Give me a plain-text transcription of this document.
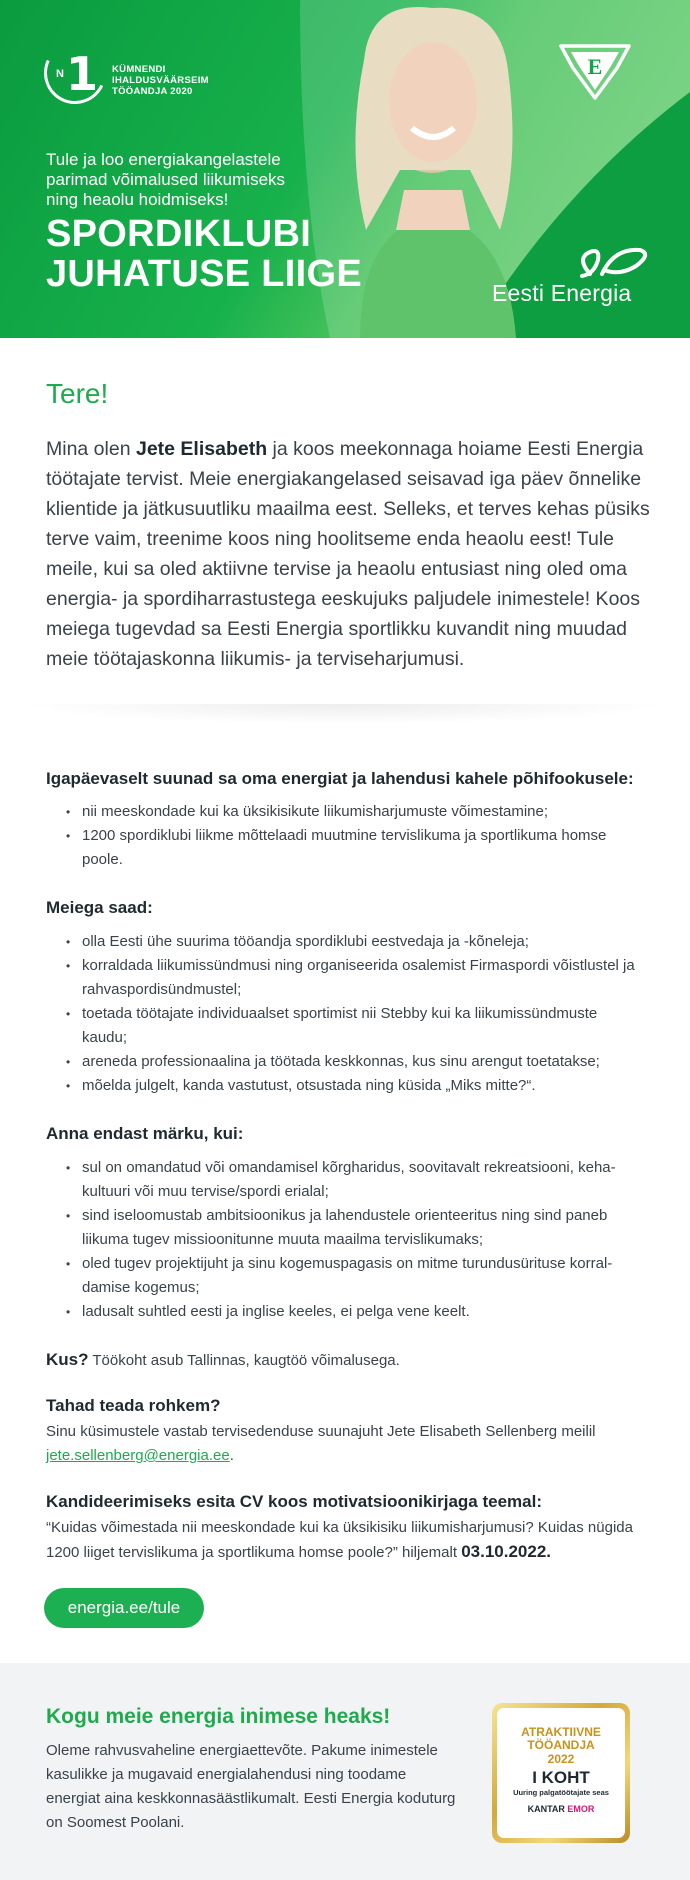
N 1 KÜMNENDI
IHALDUSVÄÄRSEIM
TÖÖANDJA 2020
E
Tule ja loo energiakangelastele
parimad võimalused liikumiseks
ning heaolu hoidmiseks!
SPORDIKLUBI
JUHATUSE LIIGE	Eesti Energia
Tere!

Mina olen Jete Elisabeth ja koos meekonnaga hoiame Eesti Energia töötajate tervist. Meie energiakangelased seisavad iga päev õnnelike klientide ja jätkusuutliku maailma eest. Selleks, et terves kehas püsiks terve vaim, treenime koos ning hoolitseme enda heaolu eest! Tule meile, kui sa oled aktiivne tervise ja heaolu entusiast ning oled oma energia- ja spordiharrastustega eeskujuks paljudele inimestele! Koos meiega tugevdad sa Eesti Energia sportlikku kuvandit ning muudad meie töötajaskonna liikumis- ja terviseharjumusi.

Igapäevaselt suunad sa oma energiat ja lahendusi kahele põhifookusele:
• nii meeskondade kui ka üksikisikute liikumisharjumuste võimestamine;
• 1200 spordiklubi liikme mõttelaadi muutmine tervislikuma ja sportlikuma homse poole.
Meiega saad:
• olla Eesti ühe suurima tööandja spordiklubi eestvedaja ja -kõneleja;
• korraldada liikumissündmusi ning organiseerida osalemist Firmaspordi võistlustel ja rahvaspordisündmustel;
• toetada töötajate individuaalset sportimist nii Stebby kui ka liikumissündmuste kaudu;
• areneda professionaalina ja töötada keskkonnas, kus sinu arengut toetatakse;
• mõelda julgelt, kanda vastutust, otsustada ning küsida „Miks mitte?“.
Anna endast märku, kui:
• sul on omandatud või omandamisel kõrgharidus, soovitavalt rekreatsiooni, keha-kultuuri või muu tervise/spordi erialal;
• sind iseloomustab ambitsioonikus ja lahendustele orienteeritus ning sind paneb liikuma tugev missioonitunne muuta maailma tervislikumaks;
• oled tugev projektijuht ja sinu kogemuspagasis on mitme turundusürituse korral-damise kogemus;
• ladusalt suhtled eesti ja inglise keeles, ei pelga vene keelt.

Kus? Töökoht asub Tallinnas, kaugtöö võimalusega.

Tahad teada rohkem?

Sinu küsimustele vastab tervisedenduse suunajuht Jete Elisabeth Sellenberg meilil
jete.sellenberg@energia.ee.

Kandideerimiseks esita CV koos motivatsioonikirjaga teemal:

“Kuidas võimestada nii meeskondade kui ka üksikisiku liikumisharjumusi? Kuidas nügida 1200 liiget tervislikuma ja sportlikuma homse poole?” hiljemalt 03.10.2022.

energia.ee/tule
Kogu meie energia inimese heaks!

Oleme rahvusvaheline energiaettevõte. Pakume inimestele kasulikke ja mugavaid energialahendusi ning toodame energiat aina keskkonnasäästlikumalt. Eesti Energia koduturg on Soomest Poolani.

ATRAKTIIVNE
TÖÖANDJA
2022
I KOHT
Uuring palgatöötajate seas
KANTAR EMOR
